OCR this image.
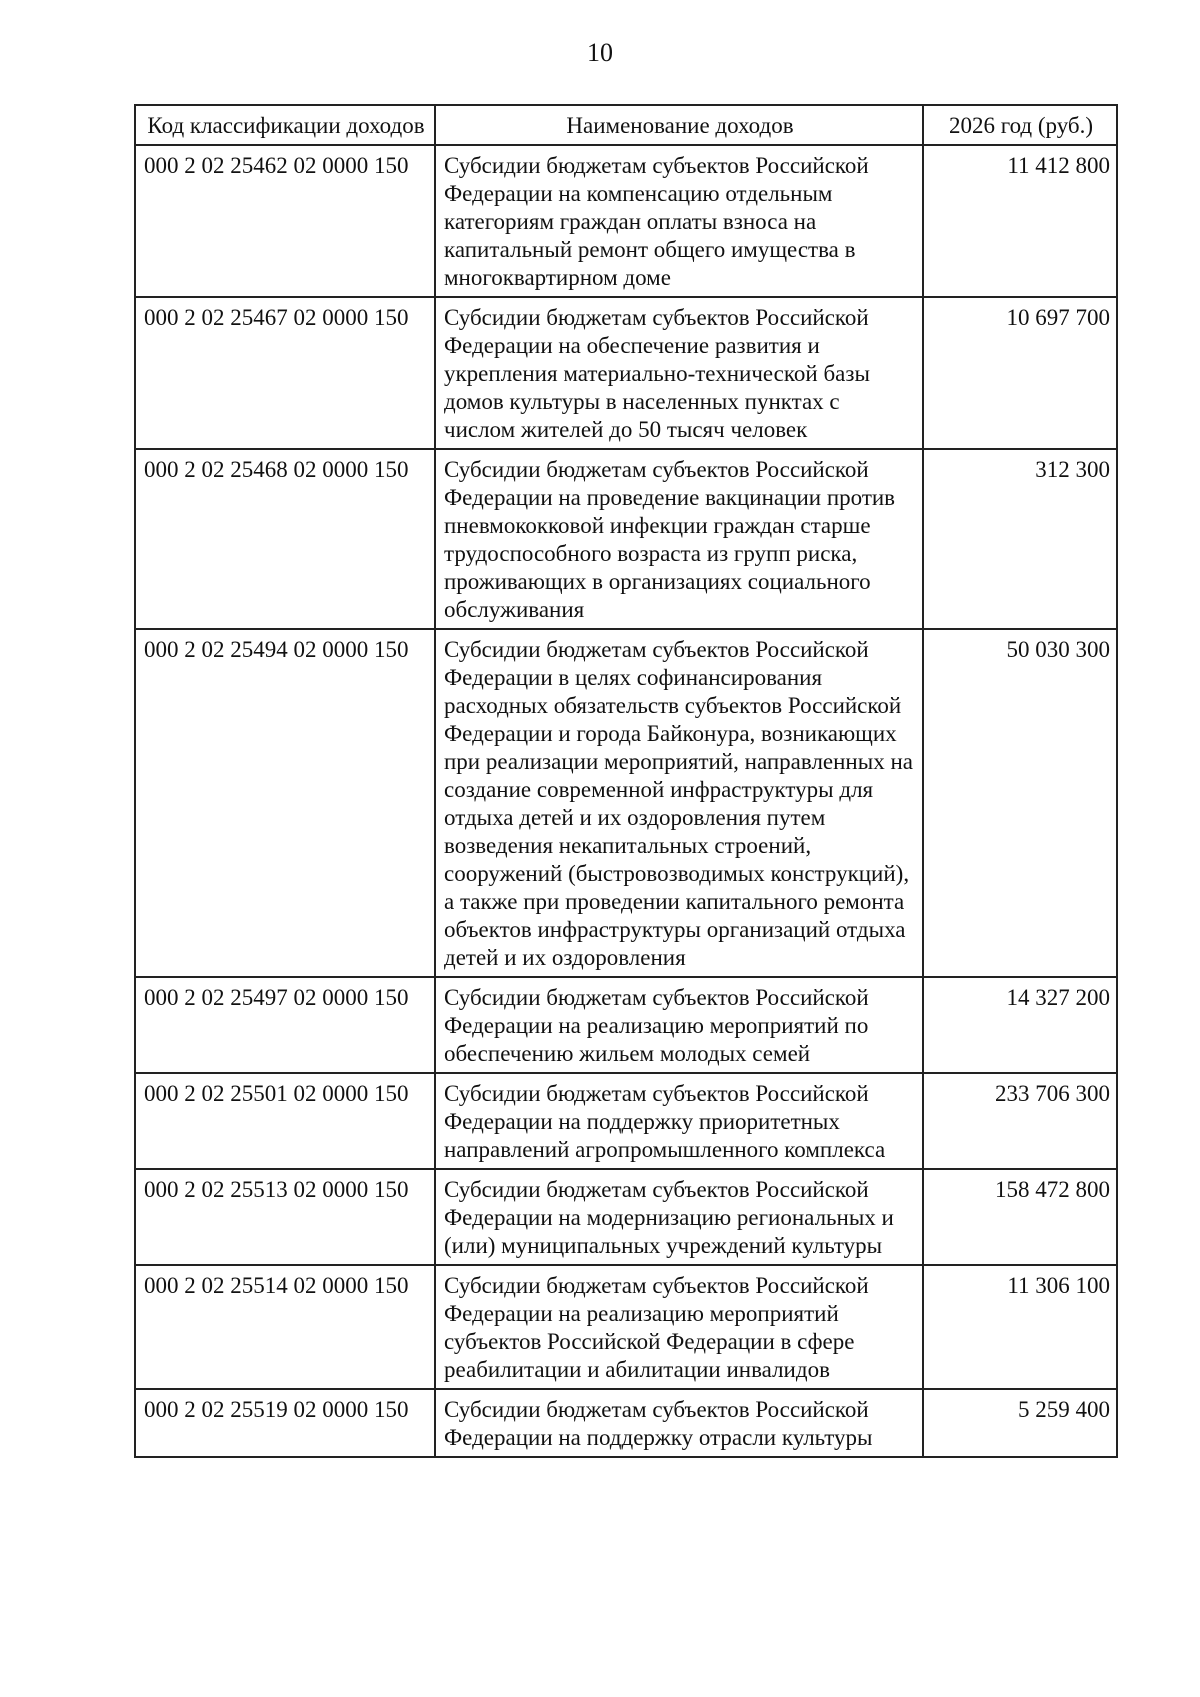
10
Код классификации доходов	Наименование доходов	2026 год (руб.)
000 2 02 25462 02 0000 150	Субсидии бюджетам субъектов Российской Федерации на компенсацию отдельным категориям граждан оплаты взноса на капитальный ремонт общего имущества в многоквартирном доме	11 412 800
000 2 02 25467 02 0000 150	Субсидии бюджетам субъектов Российской Федерации на обеспечение развития и укрепления материально-технической базы домов культуры в населенных пунктах с числом жителей до 50 тысяч человек	10 697 700
000 2 02 25468 02 0000 150	Субсидии бюджетам субъектов Российской Федерации на проведение вакцинации против пневмококковой инфекции граждан старше трудоспособного возраста из групп риска, проживающих в организациях социального обслуживания	312 300
000 2 02 25494 02 0000 150	Субсидии бюджетам субъектов Российской Федерации в целях софинансирования расходных обязательств субъектов Российской Федерации и города Байконура, возникающих при реализации мероприятий, направленных на создание современной инфраструктуры для отдыха детей и их оздоровления путем возведения некапитальных строений, сооружений (быстровозводимых конструкций), а также при проведении капитального ремонта объектов инфраструктуры организаций отдыха детей и их оздоровления	50 030 300
000 2 02 25497 02 0000 150	Субсидии бюджетам субъектов Российской Федерации на реализацию мероприятий по обеспечению жильем молодых семей	14 327 200
000 2 02 25501 02 0000 150	Субсидии бюджетам субъектов Российской Федерации на поддержку приоритетных направлений агропромышленного комплекса	233 706 300
000 2 02 25513 02 0000 150	Субсидии бюджетам субъектов Российской Федерации на модернизацию региональных и (или) муниципальных учреждений культуры	158 472 800
000 2 02 25514 02 0000 150	Субсидии бюджетам субъектов Российской Федерации на реализацию мероприятий субъектов Российской Федерации в сфере реабилитации и абилитации инвалидов	11 306 100
000 2 02 25519 02 0000 150	Субсидии бюджетам субъектов Российской Федерации на поддержку отрасли культуры	5 259 400
